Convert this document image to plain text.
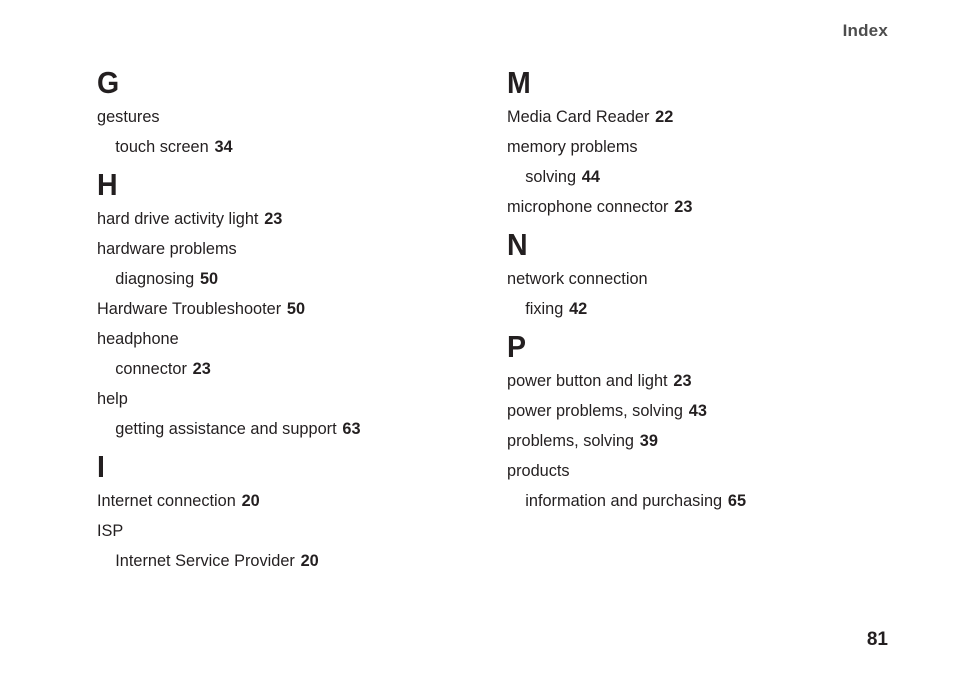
Index
G
gestures
touch screen 34
H
hard drive activity light 23
hardware problems
diagnosing 50
Hardware Troubleshooter 50
headphone
connector 23
help
getting assistance and support 63
I
Internet connection 20
ISP
Internet Service Provider 20
M
Media Card Reader 22
memory problems
solving 44
microphone connector 23
N
network connection
fixing 42
P
power button and light 23
power problems, solving 43
problems, solving 39
products
information and purchasing 65
81
